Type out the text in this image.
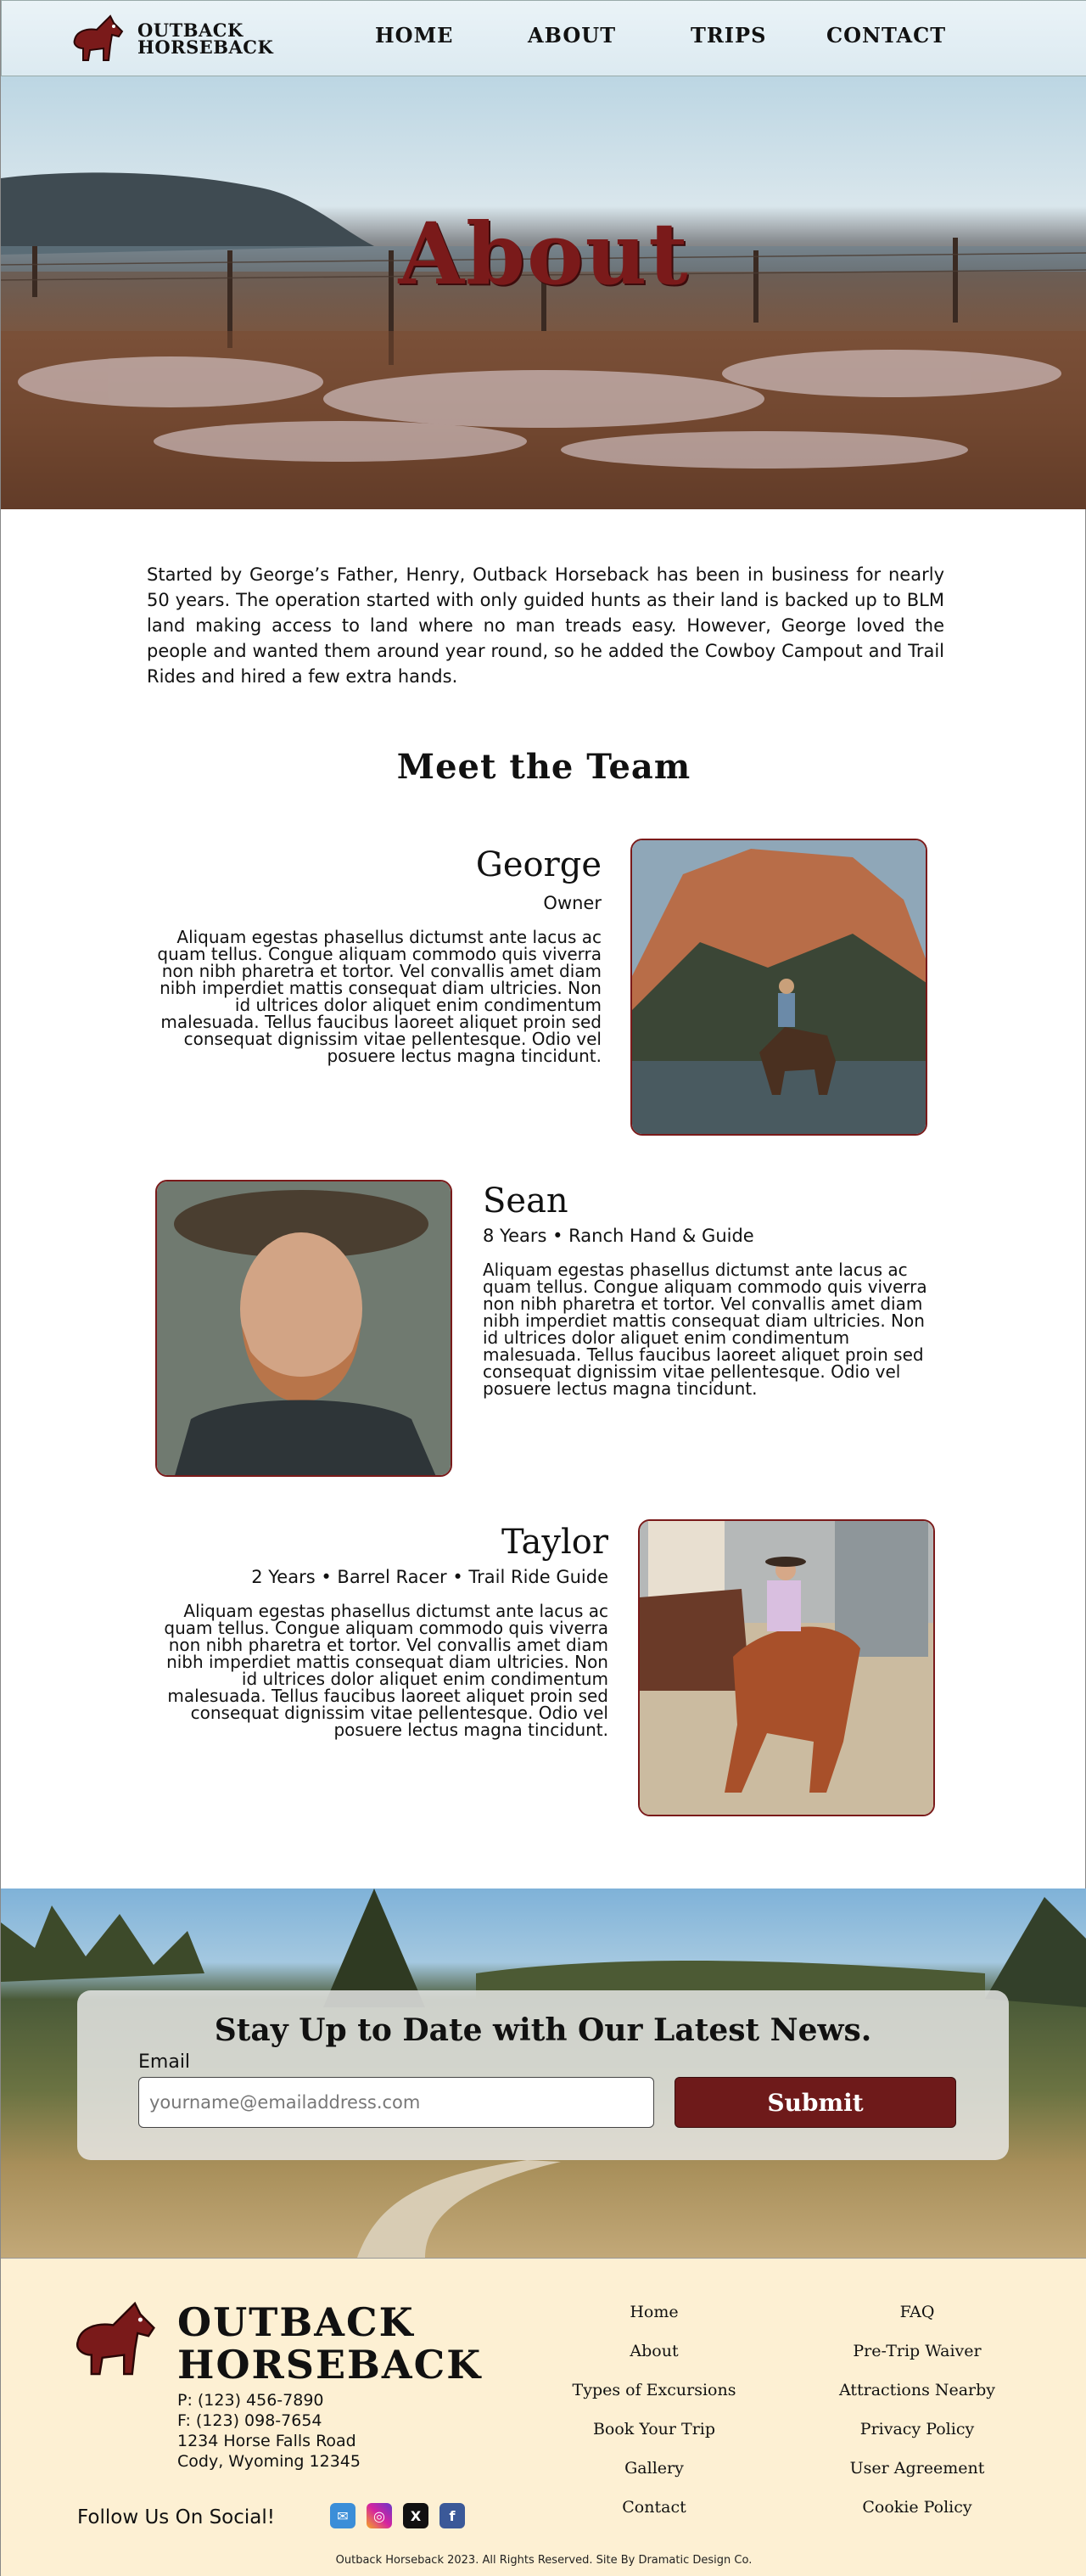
OUTBACK
HORSEBACK	HOME	ABOUT	TRIPS	CONTACT
About

Started by George’s Father, Henry, Outback Horseback has been in business for nearly 50 years. The operation started with only guided hunts as their land is backed up to BLM land making access to land where no man treads easy. However, George loved the people and wanted them around year round, so he added the Cowboy Campout and Trail Rides and hired a few extra hands.

Meet the Team
George
Owner

Aliquam egestas phasellus dictumst ante lacus ac quam tellus. Congue aliquam commodo quis viverra non nibh pharetra et tortor. Vel convallis amet diam nibh imperdiet mattis consequat diam ultricies. Non id ultrices dolor aliquet enim condimentum malesuada. Tellus faucibus laoreet aliquet proin sed consequat dignissim vitae pellentesque. Odio vel posuere lectus magna tincidunt.

Sean
8 Years • Ranch Hand & Guide

Aliquam egestas phasellus dictumst ante lacus ac quam tellus. Congue aliquam commodo quis viverra non nibh pharetra et tortor. Vel convallis amet diam nibh imperdiet mattis consequat diam ultricies. Non id ultrices dolor aliquet enim condimentum malesuada. Tellus faucibus laoreet aliquet proin sed consequat dignissim vitae pellentesque. Odio vel posuere lectus magna tincidunt.

Taylor
2 Years • Barrel Racer • Trail Ride Guide

Aliquam egestas phasellus dictumst ante lacus ac quam tellus. Congue aliquam commodo quis viverra non nibh pharetra et tortor. Vel convallis amet diam nibh imperdiet mattis consequat diam ultricies. Non id ultrices dolor aliquet enim condimentum malesuada. Tellus faucibus laoreet aliquet proin sed consequat dignissim vitae pellentesque. Odio vel posuere lectus magna tincidunt.

Stay Up to Date with Our Latest News.
Email
yourname@emailaddress.com
Submit
OUTBACK
HORSEBACK
P: (123) 456-7890
F: (123) 098-7654
1234 Horse Falls Road
Cody, Wyoming 12345
Follow Us On Social!	✉	◎	X	f
Home
About
Types of Excursions
Book Your Trip
Gallery
Contact
FAQ
Pre-Trip Waiver
Attractions Nearby
Privacy Policy
User Agreement
Cookie Policy
Outback Horseback 2023. All Rights Reserved. Site By Dramatic Design Co.
